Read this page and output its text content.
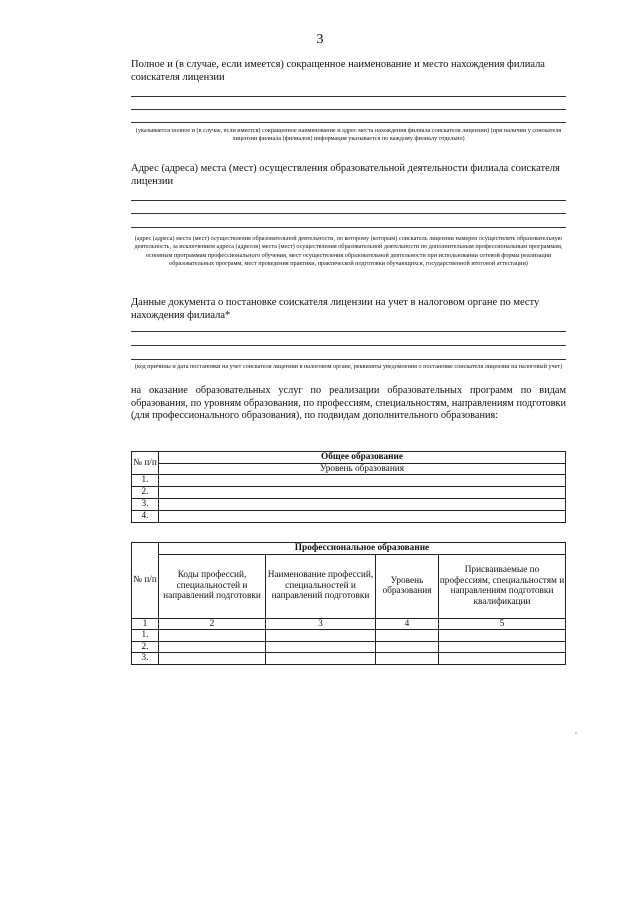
3
Полное и (в случае, если имеется) сокращенное наименование и место нахождения филиала соискателя лицензии
(указывается полное и (в случае, если имеется) сокращенное наименование и адрес места нахождения филиала соискателя лицензии) (при наличии у соискателя лицензии филиала (филиалов) информация указывается по каждому филиалу отдельно)
Адрес (адреса) места (мест) осуществления образовательной деятельности филиала соискателя лицензии
(адрес (адреса) места (мест) осуществления образовательной деятельности, по которому (которым) соискатель лицензии намерен осуществлять образовательную деятельность, за исключением адреса (адресов) места (мест) осуществления образовательной деятельности по дополнительным профессиональным программам, основным программам профессионального обучения, мест осуществления образовательной деятельности при использовании сетевой формы реализации образовательных программ, мест проведения практики, практической подготовки обучающихся, государственной итоговой аттестации)
Данные документа о постановке соискателя лицензии на учет в налоговом органе по месту нахождения филиала*
(код причины и дата постановки на учет соискателя лицензии в налоговом органе, реквизиты уведомления о постановке соискателя лицензии на налоговый учет)
на оказание образовательных услуг по реализации образовательных программ по видам образования, по уровням образования, по профессиям, специальностям, направлениям подготовки (для профессионального образования), по подвидам дополнительного образования:
№ п/п	Общее образование
	Уровень образования
1.	
2.	
3.	
4.	
№ п/п	Профессиональное образование			
	Коды профессий, специальностей и направлений подготовки	Наименование профессий, специальностей и направлений подготовки	Уровень образования	Присваиваемые по профессиям, специальностям и направлениям подготовки квалификации
1	2	3	4	5
1.				
2.				
3.				
,
